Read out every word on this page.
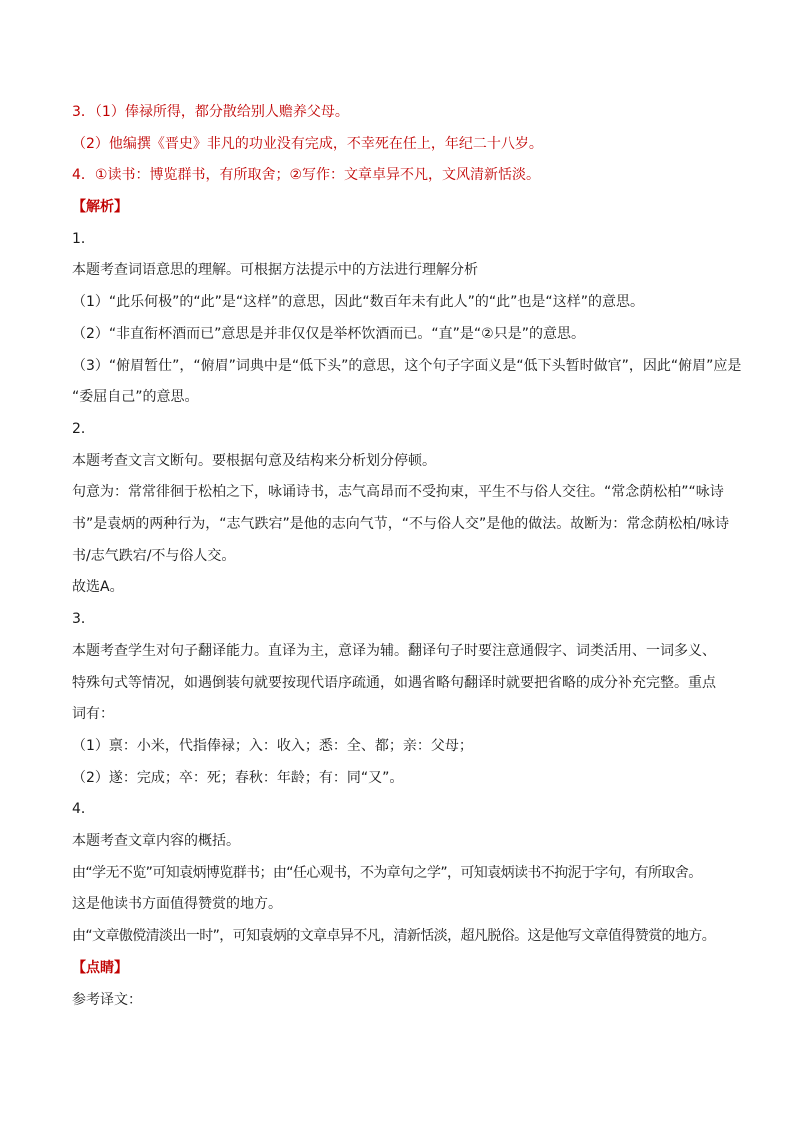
3．（1）俸禄所得，都分散给别人赡养父母。
（2）他编撰《晋史》非凡的功业没有完成，不幸死在任上，年纪二十八岁。
4．①读书：博览群书，有所取舍；②写作：文章卓异不凡，文风清新恬淡。
【解析】
1．
本题考查词语意思的理解。可根据方法提示中的方法进行理解分析
（1）“此乐何极”的“此”是“这样”的意思，因此“数百年未有此人”的“此”也是“这样”的意思。
（2）“非直衔杯酒而已”意思是并非仅仅是举杯饮酒而已。“直”是“②只是”的意思。
（3）“俯眉暂仕”，“俯眉”词典中是“低下头”的意思，这个句子字面义是“低下头暂时做官”，因此“俯眉”应是
“委屈自己”的意思。
2．
本题考查文言文断句。要根据句意及结构来分析划分停顿。
句意为：常常徘徊于松柏之下，咏诵诗书，志气高昂而不受拘束，平生不与俗人交往。“常念荫松柏”“咏诗
书”是袁炳的两种行为，“志气跌宕”是他的志向气节，“不与俗人交”是他的做法。故断为：常念荫松柏/咏诗
书/志气跌宕/不与俗人交。
故选A。
3．
本题考查学生对句子翻译能力。直译为主，意译为辅。翻译句子时要注意通假字、词类活用、一词多义、
特殊句式等情况，如遇倒装句就要按现代语序疏通，如遇省略句翻译时就要把省略的成分补充完整。重点
词有：
（1）禀：小米，代指俸禄；入：收入；悉：全、都；亲：父母；
（2）遂：完成；卒：死；春秋：年龄；有：同“又”。
4．
本题考查文章内容的概括。
由“学无不览”可知袁炳博览群书；由“任心观书，不为章句之学”，可知袁炳读书不拘泥于字句，有所取舍。
这是他读书方面值得赞赏的地方。
由“文章傲傥清淡出一时”，可知袁炳的文章卓异不凡，清新恬淡，超凡脱俗。这是他写文章值得赞赏的地方。
【点睛】
参考译文：
